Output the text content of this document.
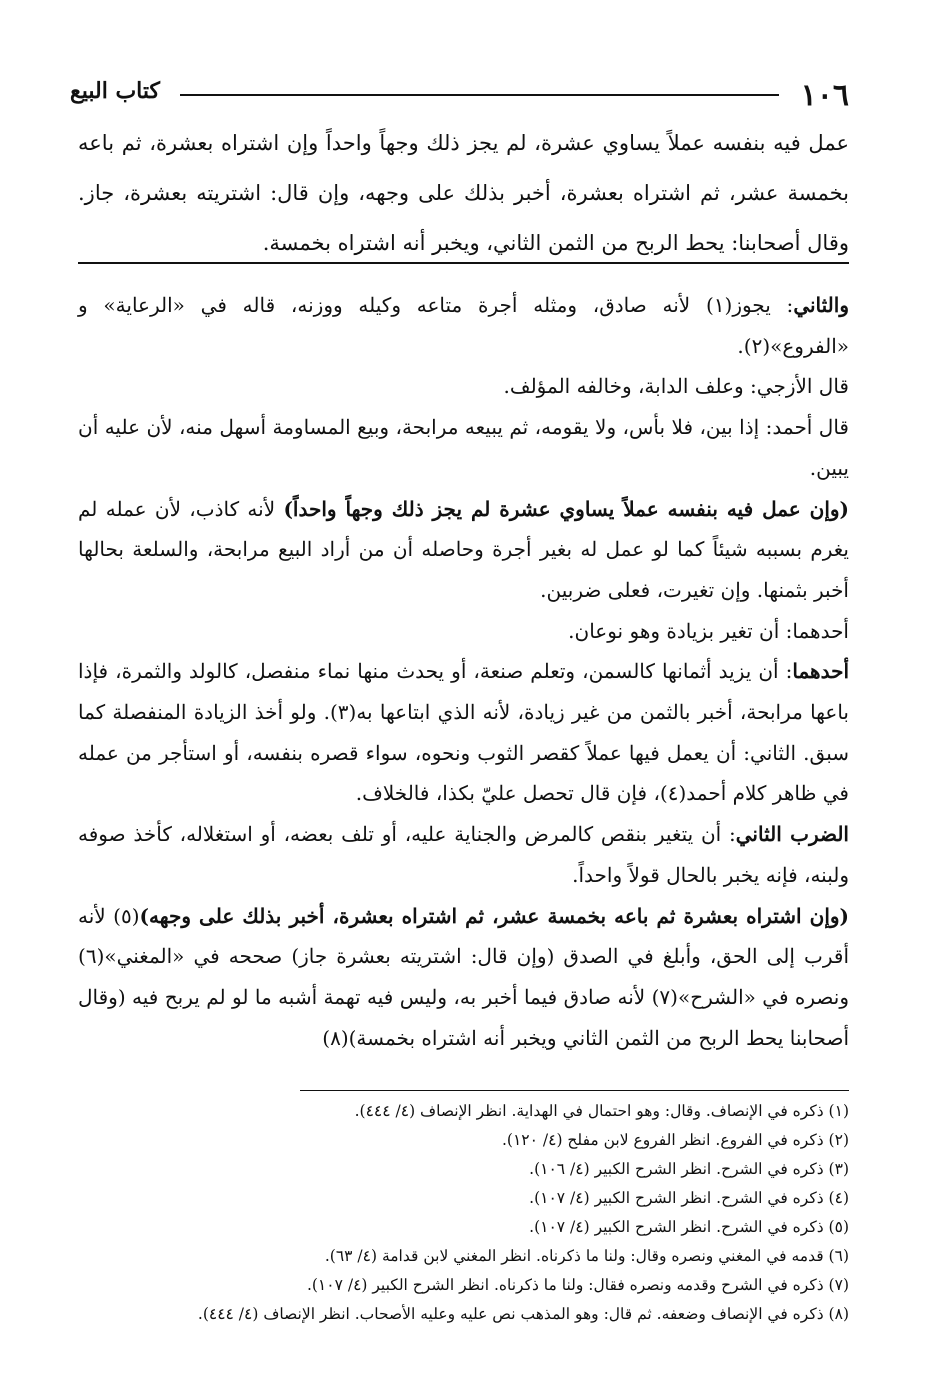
١٠٦
كتاب البيع
عمل فيه بنفسه عملاً يساوي عشرة، لم يجز ذلك وجهاً واحداً وإن اشتراه بعشرة، ثم باعه بخمسة عشر، ثم اشتراه بعشرة، أخبر بذلك على وجهه، وإن قال: اشتريته بعشرة، جاز. وقال أصحابنا: يحط الربح من الثمن الثاني، ويخبر أنه اشتراه بخمسة.

والثاني: يجوز(١) لأنه صادق، ومثله أجرة متاعه وكيله ووزنه، قاله في «الرعاية» و «الفروع»(٢).

قال الأزجي: وعلف الدابة، وخالفه المؤلف.

قال أحمد: إذا بين، فلا بأس، ولا يقومه، ثم يبيعه مرابحة، وبيع المساومة أسهل منه، لأن عليه أن يبين.

(وإن عمل فيه بنفسه عملاً يساوي عشرة لم يجز ذلك وجهاً واحداً) لأنه كاذب، لأن عمله لم يغرم بسببه شيئاً كما لو عمل له بغير أجرة وحاصله أن من أراد البيع مرابحة، والسلعة بحالها أخبر بثمنها. وإن تغيرت، فعلى ضربين.

أحدهما: أن تغير بزيادة وهو نوعان.

أحدهما: أن يزيد أثمانها كالسمن، وتعلم صنعة، أو يحدث منها نماء منفصل، كالولد والثمرة، فإذا باعها مرابحة، أخبر بالثمن من غير زيادة، لأنه الذي ابتاعها به(٣). ولو أخذ الزيادة المنفصلة كما سبق. الثاني: أن يعمل فيها عملاً كقصر الثوب ونحوه، سواء قصره بنفسه، أو استأجر من عمله في ظاهر كلام أحمد(٤)، فإن قال تحصل عليّ بكذا، فالخلاف.

الضرب الثاني: أن يتغير بنقص كالمرض والجناية عليه، أو تلف بعضه، أو استغلاله، كأخذ صوفه ولبنه، فإنه يخبر بالحال قولاً واحداً.

(وإن اشتراه بعشرة ثم باعه بخمسة عشر، ثم اشتراه بعشرة، أخبر بذلك على وجهه)(٥) لأنه أقرب إلى الحق، وأبلغ في الصدق (وإن قال: اشتريته بعشرة جاز) صححه في «المغني»(٦) ونصره في «الشرح»(٧) لأنه صادق فيما أخبر به، وليس فيه تهمة أشبه ما لو لم يربح فيه (وقال أصحابنا يحط الربح من الثمن الثاني ويخبر أنه اشتراه بخمسة)(٨)

(١) ذكره في الإنصاف. وقال: وهو احتمال في الهداية. انظر الإنصاف (٤/ ٤٤٤).
(٢) ذكره في الفروع. انظر الفروع لابن مفلح (٤/ ١٢٠).
(٣) ذكره في الشرح. انظر الشرح الكبير (٤/ ١٠٦).
(٤) ذكره في الشرح. انظر الشرح الكبير (٤/ ١٠٧).
(٥) ذكره في الشرح. انظر الشرح الكبير (٤/ ١٠٧).
(٦) قدمه في المغني ونصره وقال: ولنا ما ذكرناه. انظر المغني لابن قدامة (٤/ ٦٣).
(٧) ذكره في الشرح وقدمه ونصره فقال: ولنا ما ذكرناه. انظر الشرح الكبير (٤/ ١٠٧).
(٨) ذكره في الإنصاف وضعفه. ثم قال: وهو المذهب نص عليه وعليه الأصحاب. انظر الإنصاف (٤/ ٤٤٤).
